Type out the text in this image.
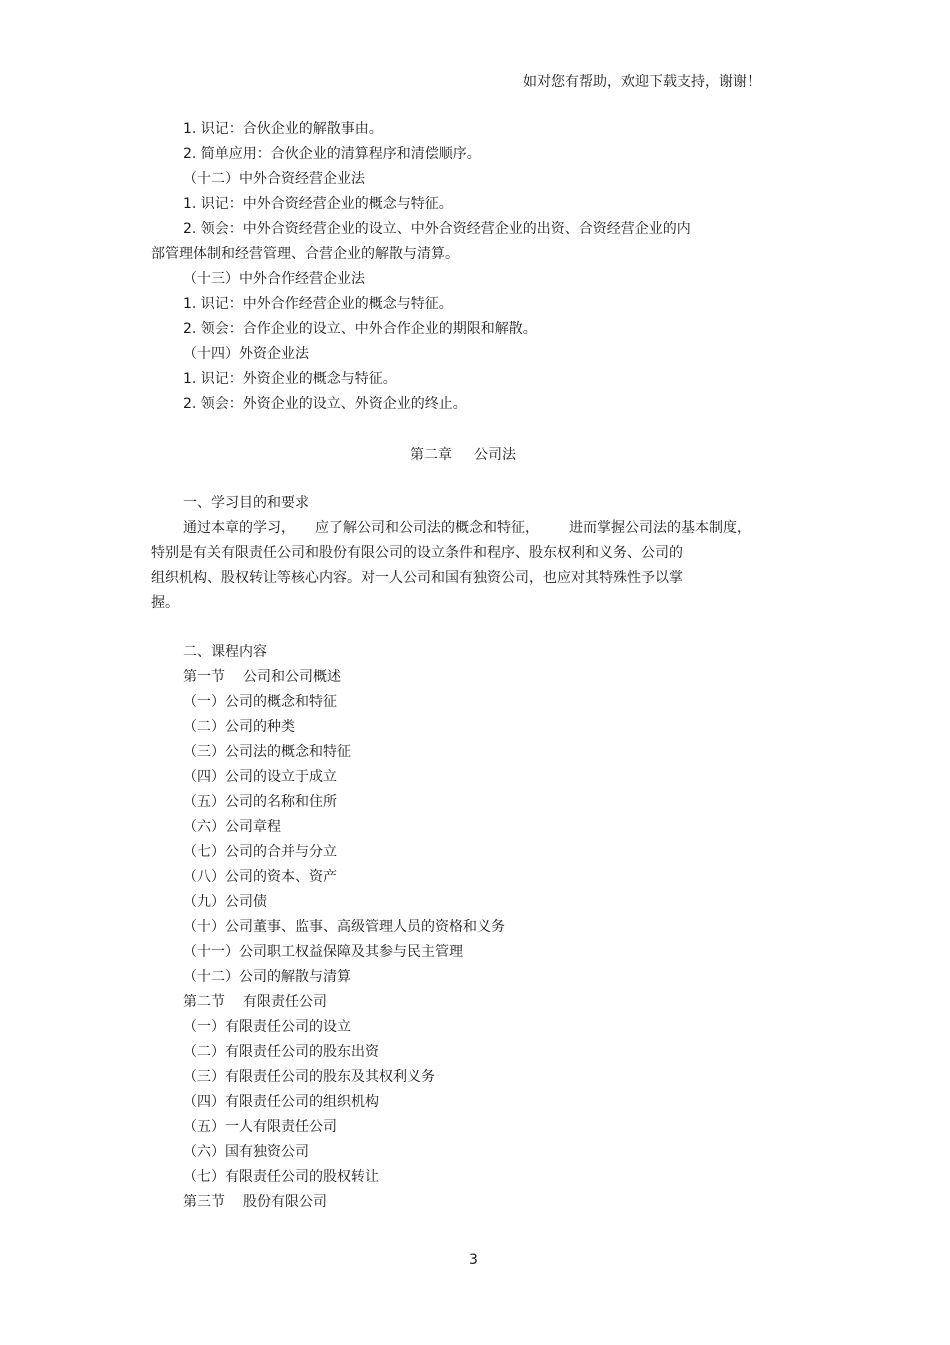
如对您有帮助，欢迎下载支持，谢谢！
1. 识记：合伙企业的解散事由。
2. 简单应用：合伙企业的清算程序和清偿顺序。
（十二）中外合资经营企业法
1. 识记：中外合资经营企业的概念与特征。
2. 领会：中外合资经营企业的设立、中外合资经营企业的出资、合资经营企业的内
部管理体制和经营管理、合营企业的解散与清算。
（十三）中外合作经营企业法
1. 识记：中外合作经营企业的概念与特征。
2. 领会：合作企业的设立、中外合作企业的期限和解散。
（十四）外资企业法
1. 识记：外资企业的概念与特征。
2. 领会：外资企业的设立、外资企业的终止。
第二章 公司法
一、学习目的和要求
通过本章的学习， 应了解公司和公司法的概念和特征， 进而掌握公司法的基本制度，
特别是有关有限责任公司和股份有限公司的设立条件和程序、股东权利和义务、公司的
组织机构、股权转让等核心内容。对一人公司和国有独资公司，也应对其特殊性予以掌
握。
二、课程内容
第一节 公司和公司概述
（一）公司的概念和特征
（二）公司的种类
（三）公司法的概念和特征
（四）公司的设立于成立
（五）公司的名称和住所
（六）公司章程
（七）公司的合并与分立
（八）公司的资本、资产
（九）公司债
（十）公司董事、监事、高级管理人员的资格和义务
（十一）公司职工权益保障及其参与民主管理
（十二）公司的解散与清算
第二节 有限责任公司
（一）有限责任公司的设立
（二）有限责任公司的股东出资
（三）有限责任公司的股东及其权利义务
（四）有限责任公司的组织机构
（五）一人有限责任公司
（六）国有独资公司
（七）有限责任公司的股权转让
第三节 股份有限公司
3
